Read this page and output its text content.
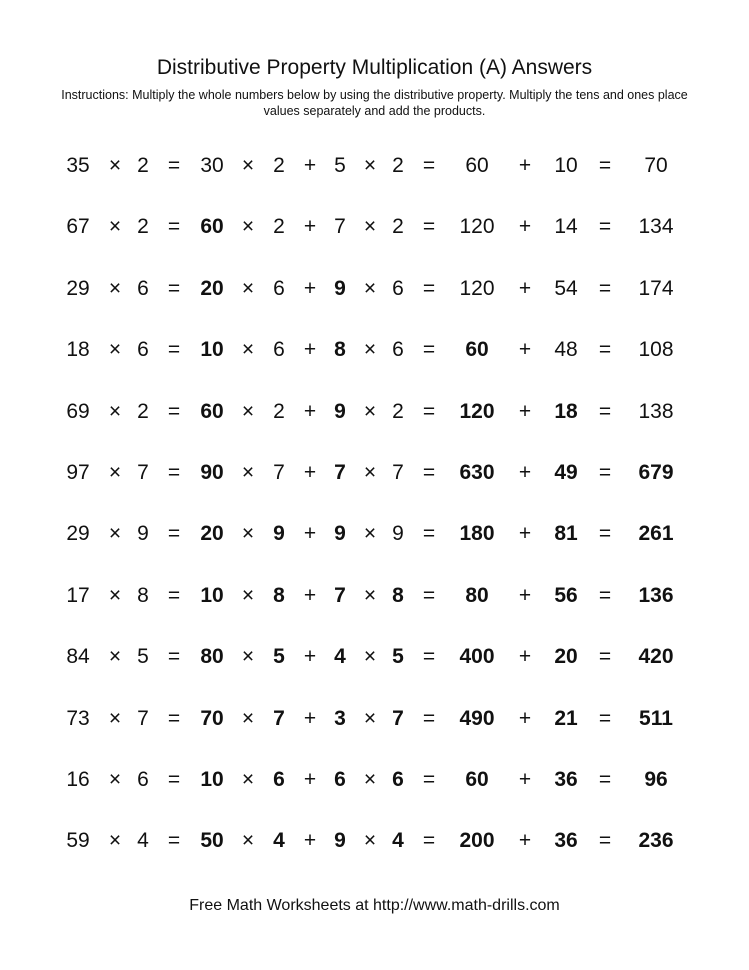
Distributive Property Multiplication (A) Answers
Instructions: Multiply the whole numbers below by using the distributive property. Multiply the tens and ones place values separately and add the products.
35 × 2 = 30 × 2 + 5 × 2 =	60	+	10	=	70
67 × 2 = 60 × 2 + 7 × 2 =	120	+	14	=	134
29 × 6 = 20 × 6 + 9 × 6 =	120	+	54	=	174
18 × 6 = 10 × 6 + 8 × 6 =	60	+	48	=	108
69 × 2 = 60 × 2 + 9 × 2 =	120	+	18	=	138
97 × 7 = 90 × 7 + 7 × 7 =	630	+	49	=	679
29 × 9 = 20 × 9 + 9 × 9 =	180	+	81	=	261
17 × 8 = 10 × 8 + 7 × 8 =	80	+	56	=	136
84 × 5 = 80 × 5 + 4 × 5 =	400	+	20	=	420
73 × 7 = 70 × 7 + 3 × 7 =	490	+	21	=	511
16 × 6 = 10 × 6 + 6 × 6 =	60	+	36	=	96
59 × 4 = 50 × 4 + 9 × 4 =	200	+	36	=	236
Free Math Worksheets at http://www.math-drills.com
